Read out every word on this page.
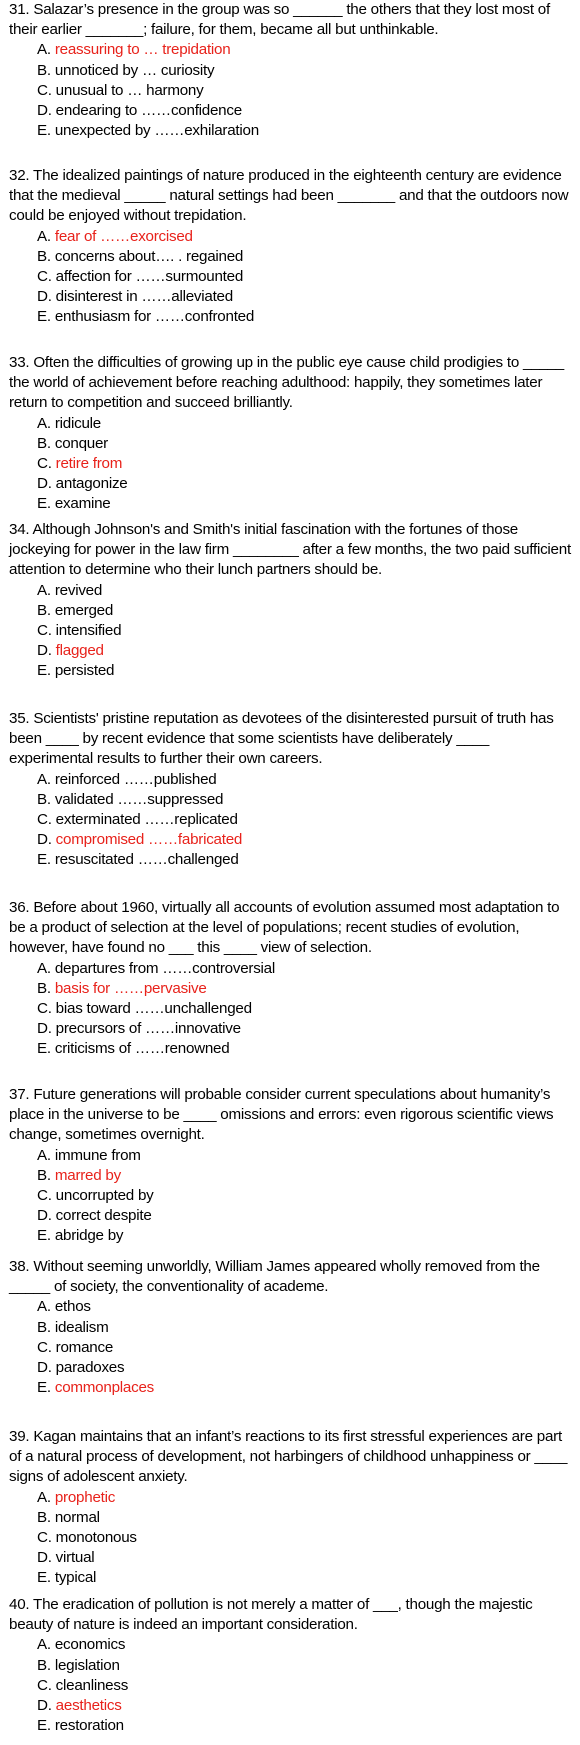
31. Salazar’s presence in the group was so ______ the others that they lost most of their earlier _______; failure, for them, became all but unthinkable.

A. reassuring to … trepidation
B. unnoticed by … curiosity
C. unusual to … harmony
D. endearing to ……confidence
E. unexpected by ……exhilaration

32. The idealized paintings of nature produced in the eighteenth century are evidence that the medieval _____ natural settings had been _______ and that the outdoors now could be enjoyed without trepidation.

A. fear of ……exorcised
B. concerns about…. . regained
C. affection for ……surmounted
D. disinterest in ……alleviated
E. enthusiasm for ……confronted

33. Often the difficulties of growing up in the public eye cause child prodigies to _____ the world of achievement before reaching adulthood: happily, they sometimes later return to competition and succeed brilliantly.

A. ridicule
B. conquer
C. retire from
D. antagonize
E. examine

34. Although Johnson's and Smith's initial fascination with the fortunes of those jockeying for power in the law firm ________ after a few months, the two paid sufficient attention to determine who their lunch partners should be.

A. revived
B. emerged
C. intensified
D. flagged
E. persisted

35. Scientists' pristine reputation as devotees of the disinterested pursuit of truth has been ____ by recent evidence that some scientists have deliberately ____ experimental results to further their own careers.

A. reinforced ……published
B. validated ……suppressed
C. exterminated ……replicated
D. compromised ……fabricated
E. resuscitated ……challenged

36. Before about 1960, virtually all accounts of evolution assumed most adaptation to be a product of selection at the level of populations; recent studies of evolution, however, have found no ___ this ____ view of selection.

A. departures from ……controversial
B. basis for ……pervasive
C. bias toward ……unchallenged
D. precursors of ……innovative
E. criticisms of ……renowned

37. Future generations will probable consider current speculations about humanity’s place in the universe to be ____ omissions and errors: even rigorous scientific views change, sometimes overnight.

A. immune from
B. marred by
C. uncorrupted by
D. correct despite
E. abridge by

38. Without seeming unworldly, William James appeared wholly removed from the _____ of society, the conventionality of academe.

A. ethos
B. idealism
C. romance
D. paradoxes
E. commonplaces

39. Kagan maintains that an infant’s reactions to its first stressful experiences are part of a natural process of development, not harbingers of childhood unhappiness or ____ signs of adolescent anxiety.

A. prophetic
B. normal
C. monotonous
D. virtual
E. typical

40. The eradication of pollution is not merely a matter of ___, though the majestic beauty of nature is indeed an important consideration.

A. economics
B. legislation
C. cleanliness
D. aesthetics
E. restoration
